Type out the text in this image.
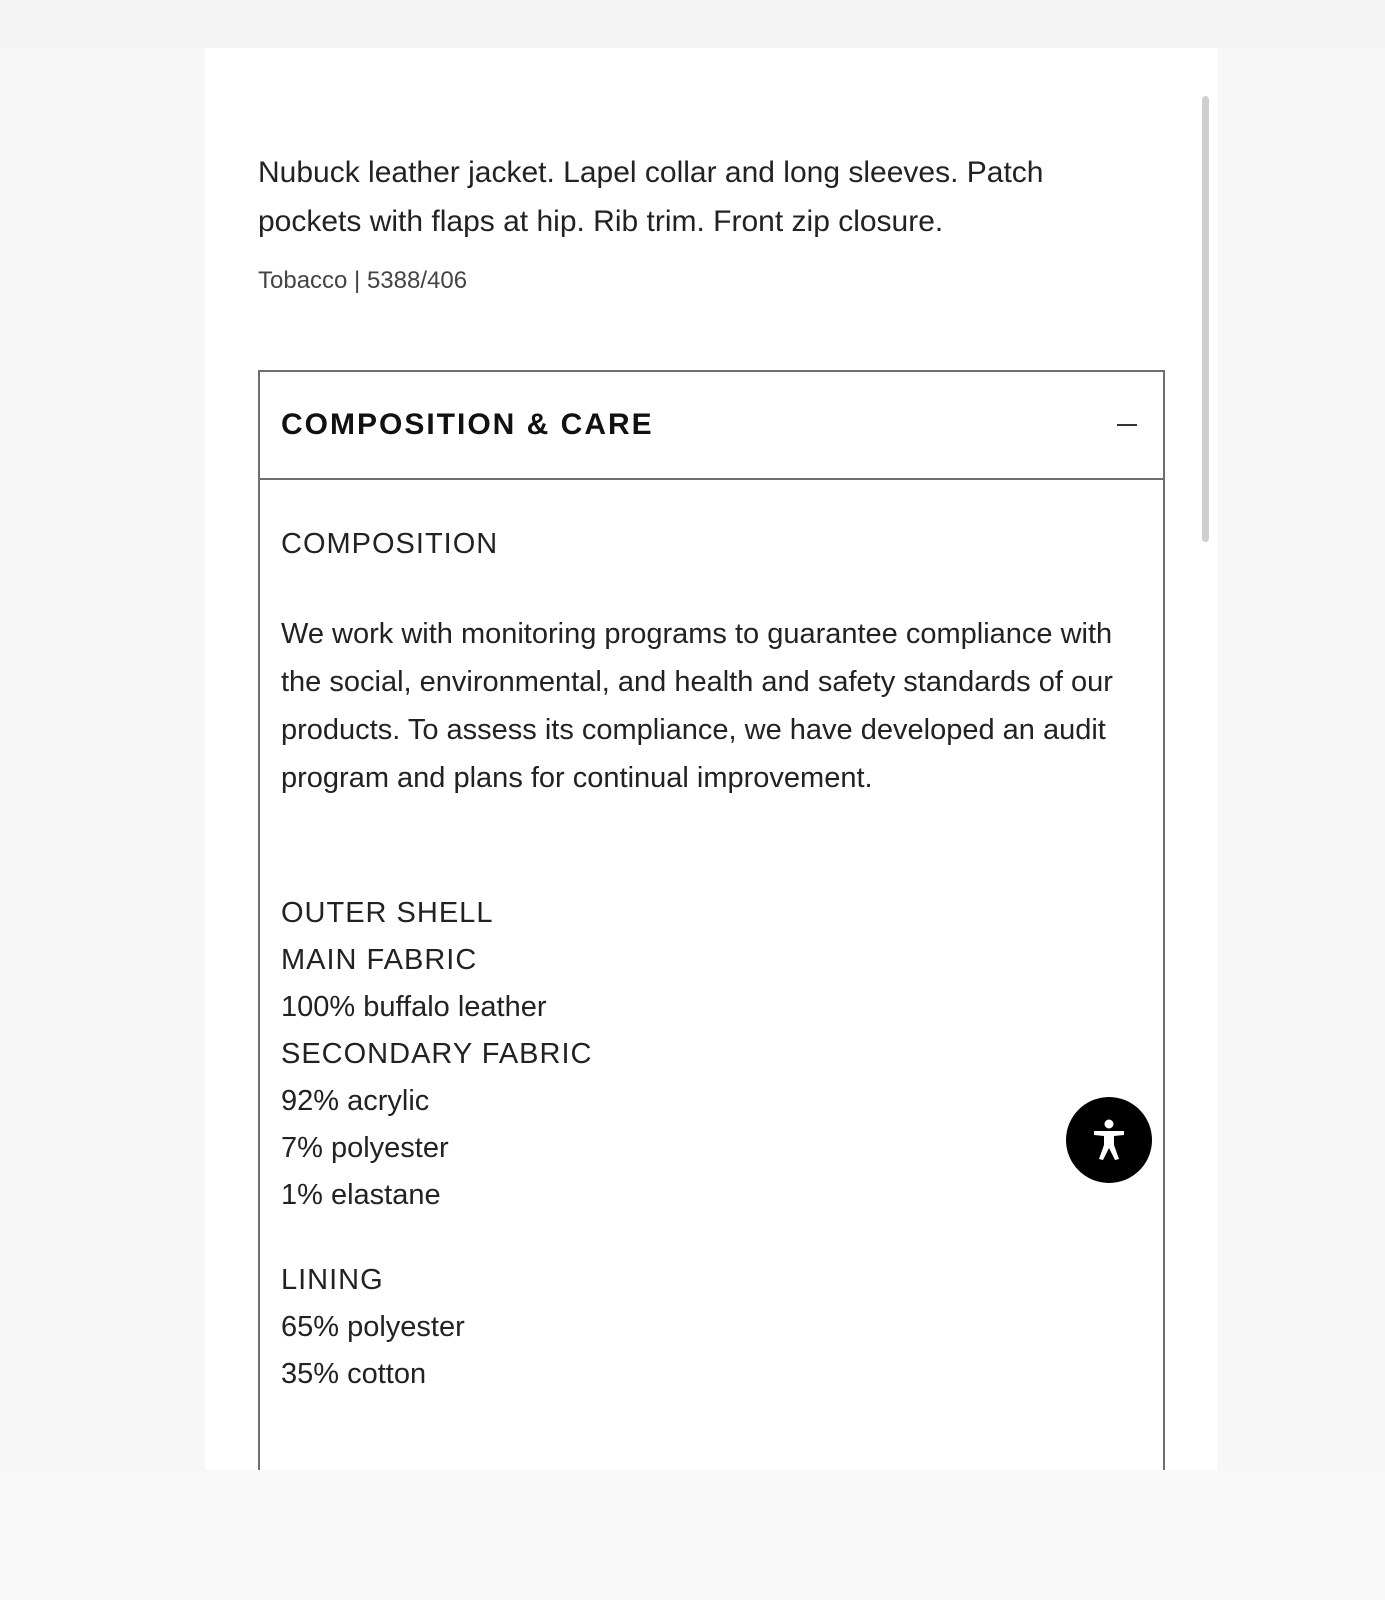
Nubuck leather jacket. Lapel collar and long sleeves. Patch pockets with flaps at hip. Rib trim. Front zip closure.

Tobacco | 5388/406

COMPOSITION & CARE
COMPOSITION

We work with monitoring programs to guarantee compliance with the social, environmental, and health and safety standards of our products. To assess its compliance, we have developed an audit program and plans for continual improvement.

OUTER SHELL
MAIN FABRIC
100% buffalo leather
SECONDARY FABRIC
92% acrylic
7% polyester
1% elastane
LINING
65% polyester
35% cotton
